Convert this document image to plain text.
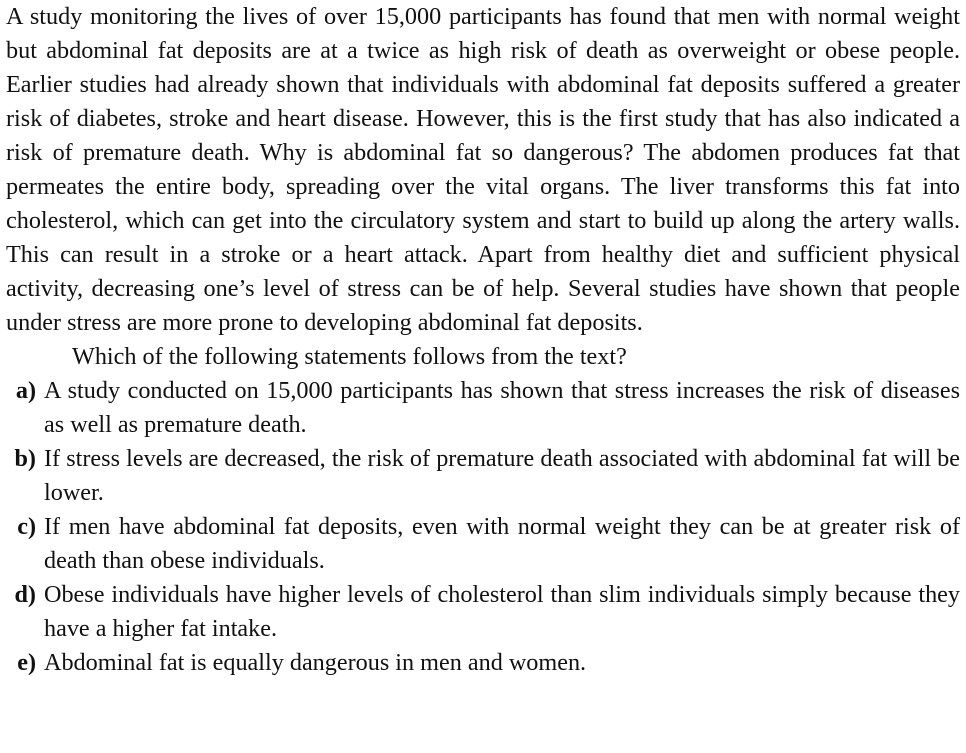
A study monitoring the lives of over 15,000 participants has found that men with normal weight but abdominal fat deposits are at a twice as high risk of death as overweight or obese people. Earlier studies had already shown that individuals with abdominal fat deposits suffered a greater risk of diabetes, stroke and heart disease. However, this is the first study that has also indicated a risk of premature death. Why is abdominal fat so dangerous? The abdomen produces fat that permeates the entire body, spreading over the vital organs. The liver transforms this fat into cholesterol, which can get into the circulatory system and start to build up along the artery walls. This can result in a stroke or a heart attack. Apart from healthy diet and sufficient physical activity, decreasing one’s level of stress can be of help. Several studies have shown that people under stress are more prone to developing abdominal fat deposits.

Which of the following statements follows from the text?

a) A study conducted on 15,000 participants has shown that stress increases the risk of diseases as well as premature death.
b) If stress levels are decreased, the risk of premature death associated with abdominal fat will be lower.
c) If men have abdominal fat deposits, even with normal weight they can be at greater risk of death than obese individuals.
d) Obese individuals have higher levels of cholesterol than slim individuals simply because they have a higher fat intake.
e) Abdominal fat is equally dangerous in men and women.
